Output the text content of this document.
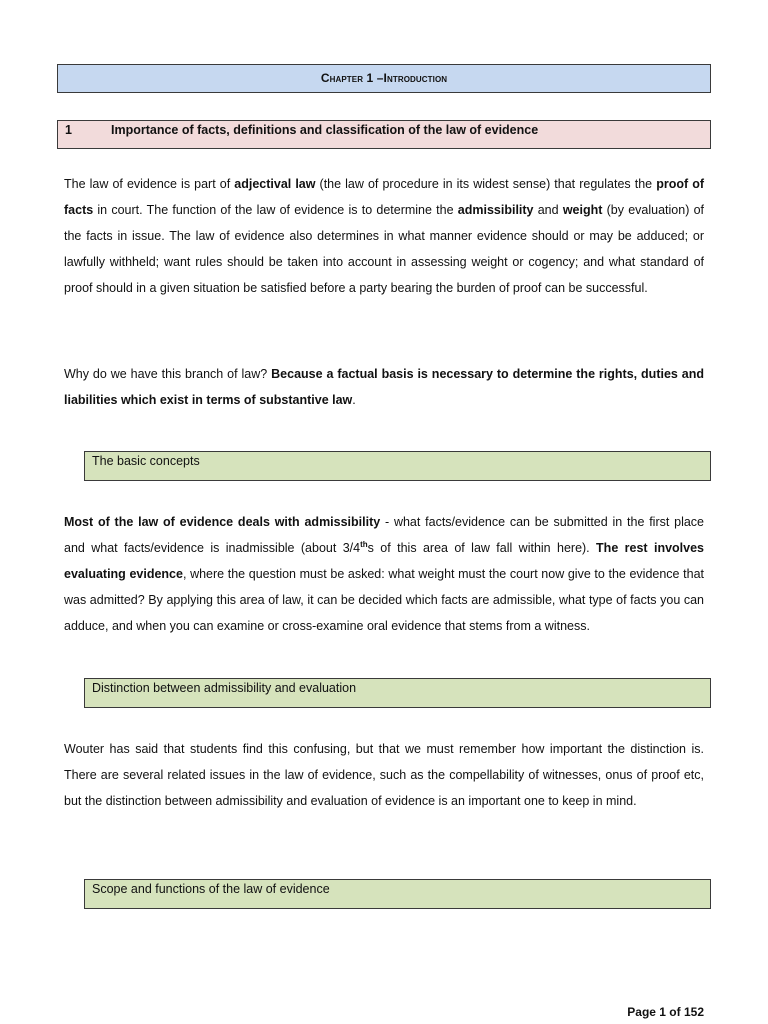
Chapter 1 –Introduction
1	Importance of facts, definitions and classification of the law of evidence

The law of evidence is part of adjectival law (the law of procedure in its widest sense) that regulates the proof of facts in court. The function of the law of evidence is to determine the admissibility and weight (by evaluation) of the facts in issue. The law of evidence also determines in what manner evidence should or may be adduced; or lawfully withheld; want rules should be taken into account in assessing weight or cogency; and what standard of proof should in a given situation be satisfied before a party bearing the burden of proof can be successful.

Why do we have this branch of law? Because a factual basis is necessary to determine the rights, duties and liabilities which exist in terms of substantive law.

The basic concepts

Most of the law of evidence deals with admissibility - what facts/evidence can be submitted in the first place and what facts/evidence is inadmissible (about 3/4ths of this area of law fall within here). The rest involves evaluating evidence, where the question must be asked: what weight must the court now give to the evidence that was admitted? By applying this area of law, it can be decided which facts are admissible, what type of facts you can adduce, and when you can examine or cross-examine oral evidence that stems from a witness.

Distinction between admissibility and evaluation

Wouter has said that students find this confusing, but that we must remember how important the distinction is. There are several related issues in the law of evidence, such as the compellability of witnesses, onus of proof etc, but the distinction between admissibility and evaluation of evidence is an important one to keep in mind.

Scope and functions of the law of evidence
Page 1 of 152
